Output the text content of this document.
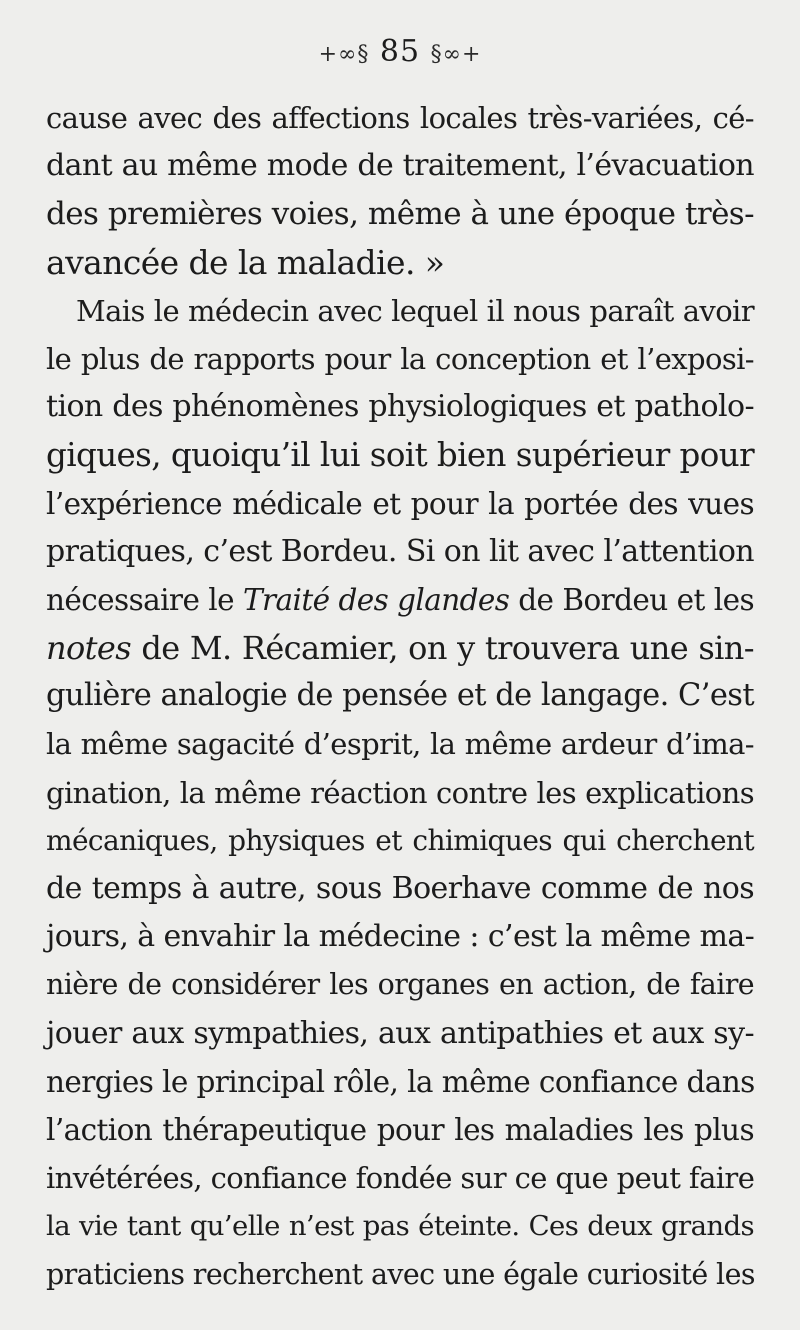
+∞§ 85 §∞+
cause avec des affections locales très-variées, cé-
dant au même mode de traitement, l’évacuation
des premières voies, même à une époque très-
avancée de la maladie. »
Mais le médecin avec lequel il nous paraît avoir
le plus de rapports pour la conception et l’exposi-
tion des phénomènes physiologiques et patholo-
giques, quoiqu’il lui soit bien supérieur pour
l’expérience médicale et pour la portée des vues
pratiques, c’est Bordeu. Si on lit avec l’attention
nécessaire le Traité des glandes de Bordeu et les
notes de M. Récamier, on y trouvera une sin-
gulière analogie de pensée et de langage. C’est
la même sagacité d’esprit, la même ardeur d’ima-
gination, la même réaction contre les explications
mécaniques, physiques et chimiques qui cherchent
de temps à autre, sous Boerhave comme de nos
jours, à envahir la médecine : c’est la même ma-
nière de considérer les organes en action, de faire
jouer aux sympathies, aux antipathies et aux sy-
nergies le principal rôle, la même confiance dans
l’action thérapeutique pour les maladies les plus
invétérées, confiance fondée sur ce que peut faire
la vie tant qu’elle n’est pas éteinte. Ces deux grands
praticiens recherchent avec une égale curiosité les
